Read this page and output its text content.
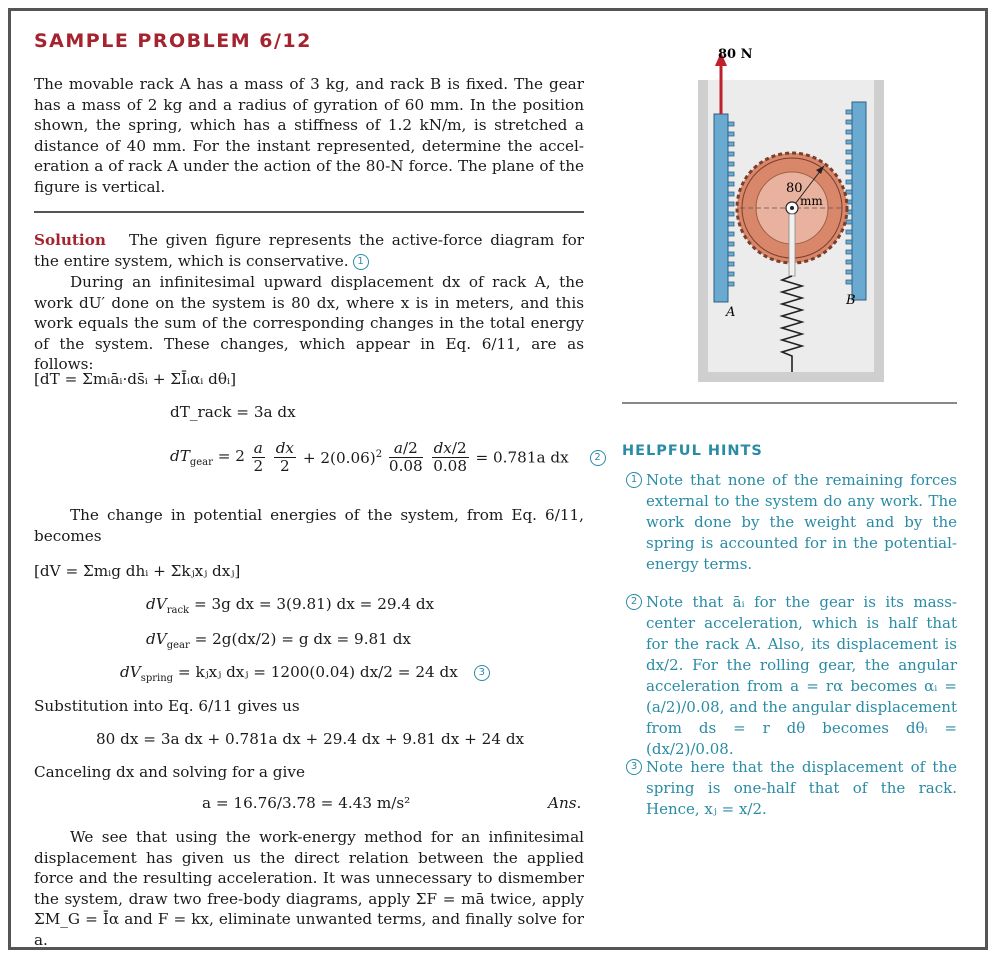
SAMPLE PROBLEM 6/12
The movable rack A has a mass of 3 kg, and rack B is fixed. The gear has a mass of 2 kg and a radius of gyration of 60 mm. In the position shown, the spring, which has a stiffness of 1.2 kN/m, is stretched a distance of 40 mm. For the instant represented, determine the accel-eration a of rack A under the action of the 80-N force. The plane of the figure is vertical.
Solution The given figure represents the active-force diagram for the entire system, which is conservative. 1
During an infinitesimal upward displacement dx of rack A, the work dU′ done on the system is 80 dx, where x is in meters, and this work equals the sum of the corresponding changes in the total energy of the system. These changes, which appear in Eq. 6/11, are as follows:
[dT = Σmᵢāᵢ·ds̄ᵢ + ΣĪᵢαᵢ dθᵢ]
dT_rack = 3a dx
$dT_{gear} = 2 \frac{a}{2}$
$\frac{dx}{2} + 2(0.06)^2 \frac{a/2}{0.08}$
$\frac{dx/2}{0.08} = 0.781a$ dx	2
The change in potential energies of the system, from Eq. 6/11, becomes
[dV = Σmᵢg dhᵢ + Σkⱼxⱼ dxⱼ]
$dV_{rack} = 3g$ dx = 3(9.81) dx = 29.4 dx
$dV_{gear} = 2g(dx/2) = g$ dx = 9.81 dx
$dV_{spring}$ = kⱼxⱼ dxⱼ = 1200(0.04) dx/2 = 24 dx 3
Substitution into Eq. 6/11 gives us
80 dx = 3a dx + 0.781a dx + 29.4 dx + 9.81 dx + 24 dx
Canceling dx and solving for a give
a = 16.76/3.78 = 4.43 m/s²	Ans.
We see that using the work-energy method for an infinitesimal displacement has given us the direct relation between the applied force and the resulting acceleration. It was unnecessary to dismember the system, draw two free-body diagrams, apply ΣF = mā twice, apply ΣM_G = Īα and F = kx, eliminate unwanted terms, and finally solve for a.
80 N
80
mm
A
B
HELPFUL HINTS
1 Note that none of the remaining forces external to the system do any work. The work done by the weight and by the spring is accounted for in the potential-energy terms.
2 Note that āᵢ for the gear is its mass-center acceleration, which is half that for the rack A. Also, its displacement is dx/2. For the rolling gear, the angular acceleration from a = rα becomes αᵢ = (a/2)/0.08, and the angular displacement from ds = r dθ becomes dθᵢ = (dx/2)/0.08.
3 Note here that the displacement of the spring is one-half that of the rack. Hence, xⱼ = x/2.
